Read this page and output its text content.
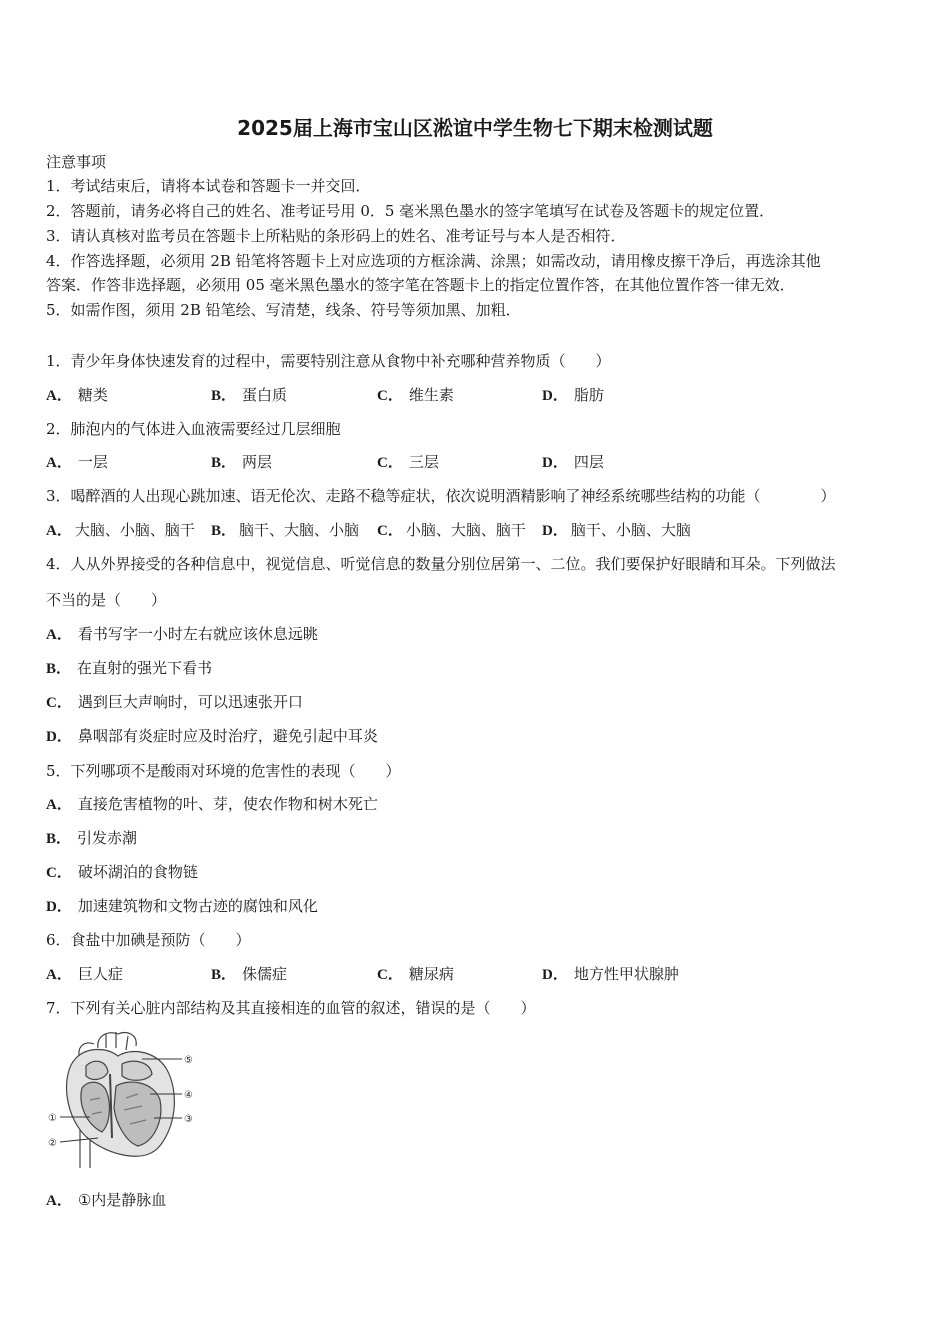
2025届上海市宝山区淞谊中学生物七下期末检测试题
注意事项
1．考试结束后，请将本试卷和答题卡一并交回．
2．答题前，请务必将自己的姓名、准考证号用 0．5 毫米黑色墨水的签字笔填写在试卷及答题卡的规定位置．
3．请认真核对监考员在答题卡上所粘贴的条形码上的姓名、准考证号与本人是否相符．
4．作答选择题，必须用 2B 铅笔将答题卡上对应选项的方框涂满、涂黑；如需改动，请用橡皮擦干净后，再选涂其他
答案．作答非选择题，必须用 05 毫米黑色墨水的签字笔在答题卡上的指定位置作答，在其他位置作答一律无效．
5．如需作图，须用 2B 铅笔绘、写清楚，线条、符号等须加黑、加粗．
1．青少年身体快速发育的过程中，需要特别注意从食物中补充哪种营养物质（　　）
A． 糖类	B． 蛋白质	C． 维生素	D． 脂肪
2．肺泡内的气体进入血液需要经过几层细胞
A． 一层	B． 两层	C． 三层	D． 四层
3．喝醉酒的人出现心跳加速、语无伦次、走路不稳等症状，依次说明酒精影响了神经系统哪些结构的功能（　　　　）
A． 大脑、小脑、脑干 B． 脑干、大脑、小脑 C． 小脑、大脑、脑干 D． 脑干、小脑、大脑
4．人从外界接受的各种信息中，视觉信息、听觉信息的数量分别位居第一、二位。我们要保护好眼睛和耳朵。下列做法
不当的是（　　）
A． 看书写字一小时左右就应该休息远眺
B． 在直射的强光下看书
C． 遇到巨大声响时，可以迅速张开口
D． 鼻咽部有炎症时应及时治疗，避免引起中耳炎
5．下列哪项不是酸雨对环境的危害性的表现（　　）
A． 直接危害植物的叶、芽，使农作物和树木死亡
B． 引发赤潮
C． 破坏湖泊的食物链
D． 加速建筑物和文物古迹的腐蚀和风化
6．食盐中加碘是预防（　　）
A． 巨人症	B． 侏儒症	C． 糖尿病	D． 地方性甲状腺肿
7．下列有关心脏内部结构及其直接相连的血管的叙述，错误的是（　　）
①
②
③
④
⑤
A． ①内是静脉血
